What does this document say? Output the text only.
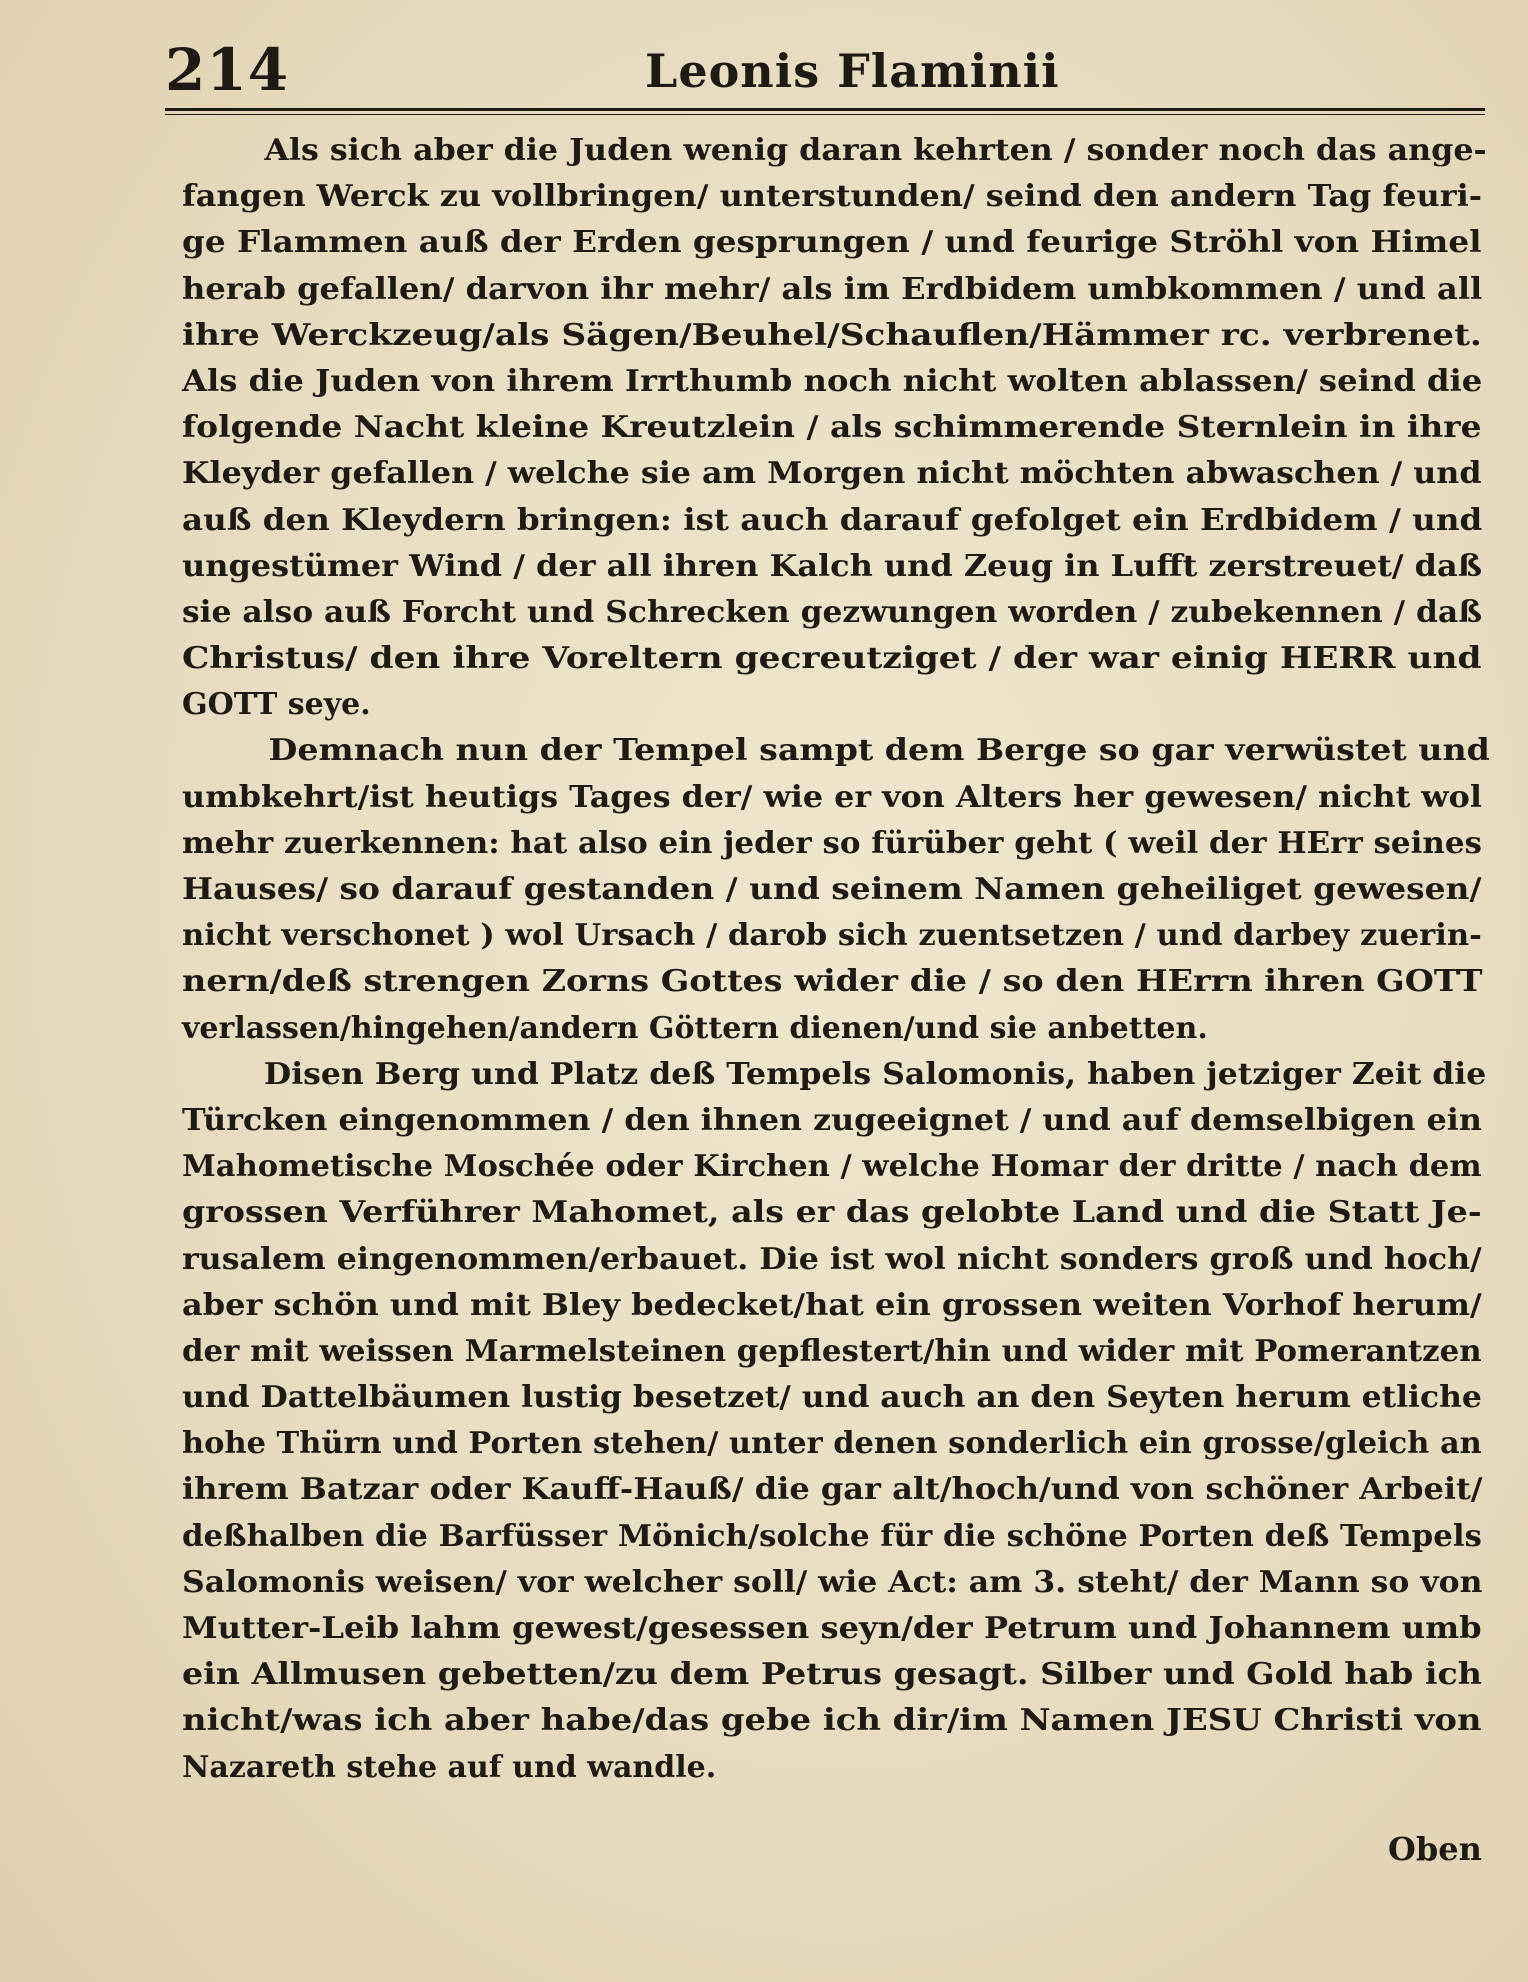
214	Leonis Flaminii
Als sich aber die Juden wenig daran kehrten / sonder noch das ange-
fangen Werck zu vollbringen/ unterstunden/ seind den andern Tag feuri-
ge Flammen auß der Erden gesprungen / und feurige Ströhl von Himel
herab gefallen/ darvon ihr mehr/ als im Erdbidem umbkommen / und all
ihre Werckzeug/als Sägen/Beuhel/Schauflen/Hämmer rc. verbrenet.
Als die Juden von ihrem Irrthumb noch nicht wolten ablassen/ seind die
folgende Nacht kleine Kreutzlein / als schimmerende Sternlein in ihre
Kleyder gefallen / welche sie am Morgen nicht möchten abwaschen / und
auß den Kleydern bringen: ist auch darauf gefolget ein Erdbidem / und
ungestümer Wind / der all ihren Kalch und Zeug in Lufft zerstreuet/ daß
sie also auß Forcht und Schrecken gezwungen worden / zubekennen / daß
Christus/ den ihre Voreltern gecreutziget / der war einig HERR und
GOTT seye.
Demnach nun der Tempel sampt dem Berge so gar verwüstet und
umbkehrt/ist heutigs Tages der/ wie er von Alters her gewesen/ nicht wol
mehr zuerkennen: hat also ein jeder so fürüber geht ( weil der HErr seines
Hauses/ so darauf gestanden / und seinem Namen geheiliget gewesen/
nicht verschonet ) wol Ursach / darob sich zuentsetzen / und darbey zuerin-
nern/deß strengen Zorns Gottes wider die / so den HErrn ihren GOTT
verlassen/hingehen/andern Göttern dienen/und sie anbetten.
Disen Berg und Platz deß Tempels Salomonis, haben jetziger Zeit die
Türcken eingenommen / den ihnen zugeeignet / und auf demselbigen ein
Mahometische Moschée oder Kirchen / welche Homar der dritte / nach dem
grossen Verführer Mahomet, als er das gelobte Land und die Statt Je-
rusalem eingenommen/erbauet. Die ist wol nicht sonders groß und hoch/
aber schön und mit Bley bedecket/hat ein grossen weiten Vorhof herum/
der mit weissen Marmelsteinen gepflestert/hin und wider mit Pomerantzen
und Dattelbäumen lustig besetzet/ und auch an den Seyten herum etliche
hohe Thürn und Porten stehen/ unter denen sonderlich ein grosse/gleich an
ihrem Batzar oder Kauff-Hauß/ die gar alt/hoch/und von schöner Arbeit/
deßhalben die Barfüsser Mönich/solche für die schöne Porten deß Tempels
Salomonis weisen/ vor welcher soll/ wie Act: am 3. steht/ der Mann so von
Mutter-Leib lahm gewest/gesessen seyn/der Petrum und Johannem umb
ein Allmusen gebetten/zu dem Petrus gesagt. Silber und Gold hab ich
nicht/was ich aber habe/das gebe ich dir/im Namen JESU Christi von
Nazareth stehe auf und wandle.
Oben
